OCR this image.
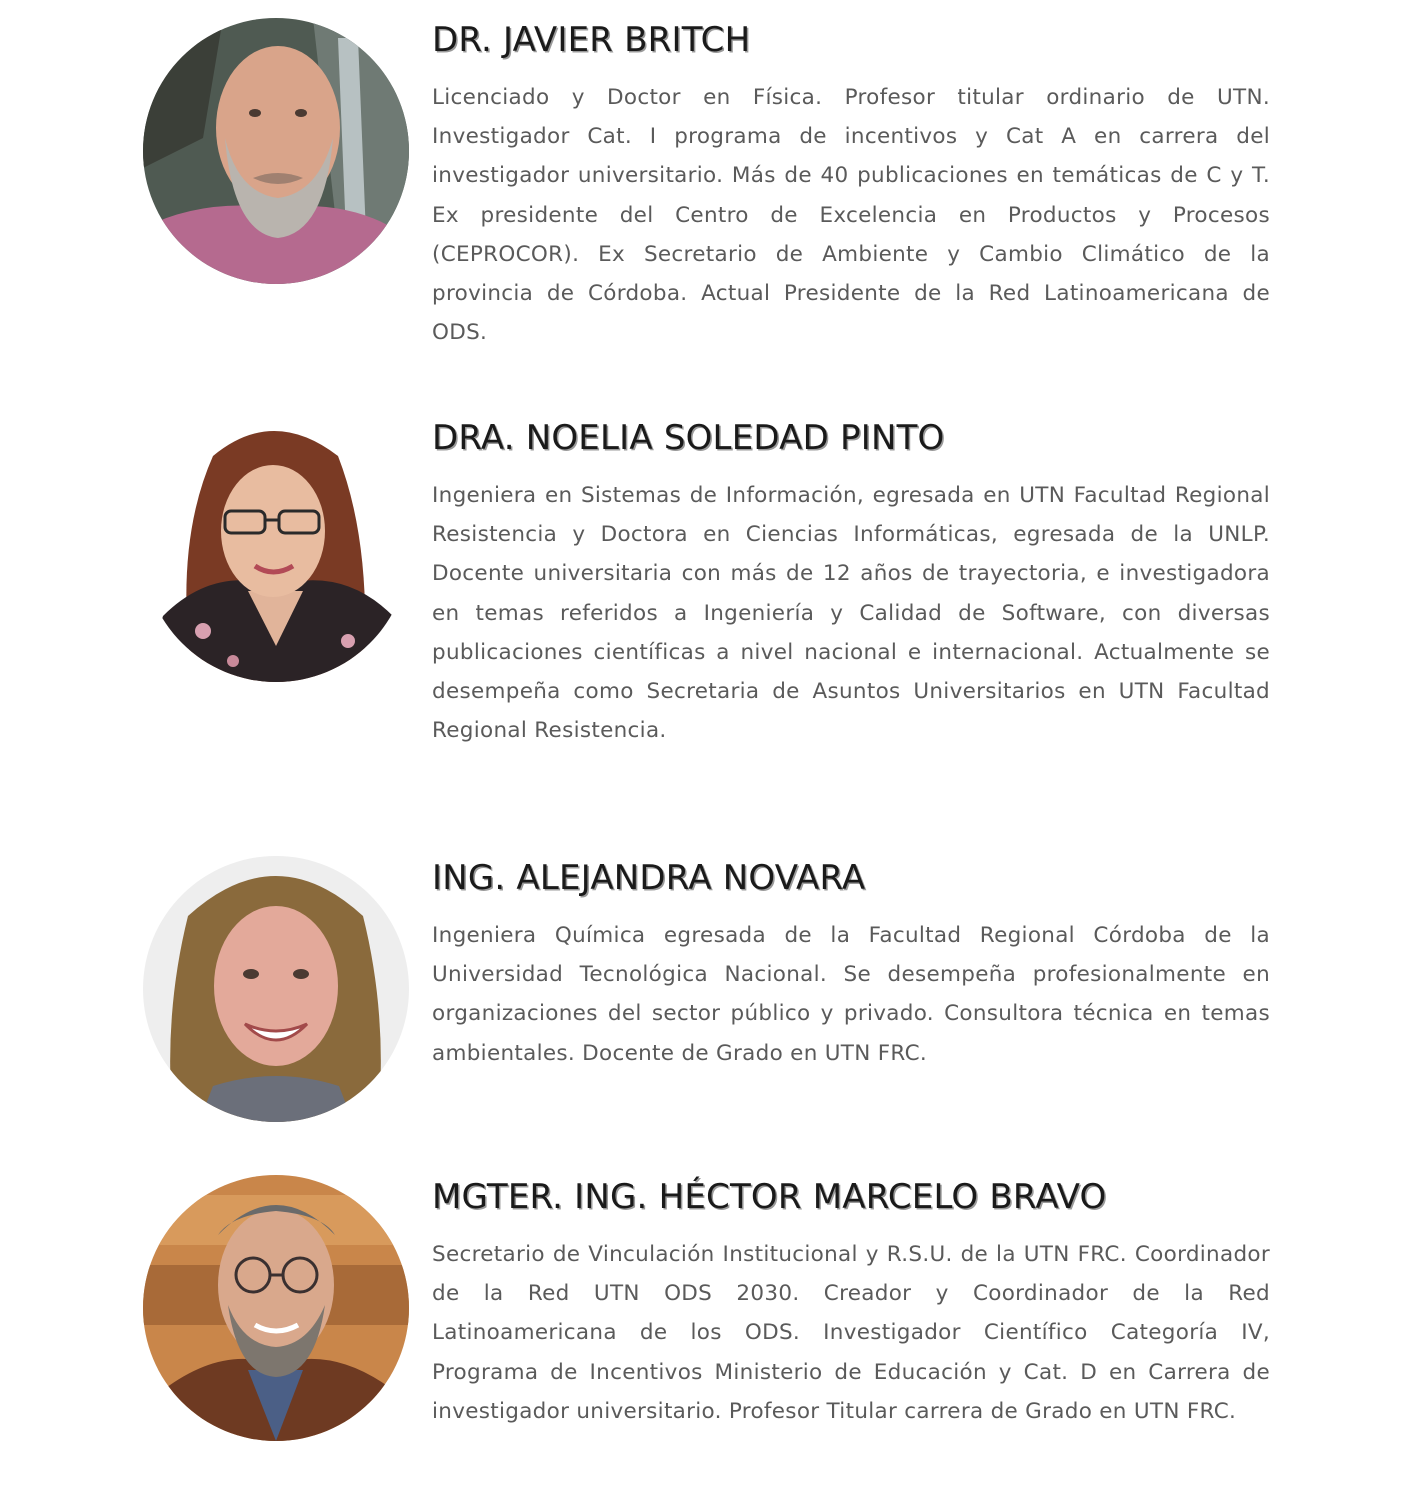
DR. JAVIER BRITCH

Licenciado y Doctor en Física. Profesor titular ordinario de UTN. Investigador Cat. I programa de incentivos y Cat A en carrera del investigador universitario. Más de 40 publicaciones en temáticas de C y T. Ex presidente del Centro de Excelencia en Productos y Procesos (CEPROCOR). Ex Secretario de Ambiente y Cambio Climático de la provincia de Córdoba. Actual Presidente de la Red Latinoamericana de ODS.

DRA. NOELIA SOLEDAD PINTO

Ingeniera en Sistemas de Información, egresada en UTN Facultad Regional Resistencia y Doctora en Ciencias Informáticas, egresada de la UNLP. Docente universitaria con más de 12 años de trayectoria, e investigadora en temas referidos a Ingeniería y Calidad de Software, con diversas publicaciones científicas a nivel nacional e internacional. Actualmente se desempeña como Secretaria de Asuntos Universitarios en UTN Facultad Regional Resistencia.

ING. ALEJANDRA NOVARA

Ingeniera Química egresada de la Facultad Regional Córdoba de la Universidad Tecnológica Nacional. Se desempeña profesionalmente en organizaciones del sector público y privado. Consultora técnica en temas ambientales. Docente de Grado en UTN FRC.

MGTER. ING. HÉCTOR MARCELO BRAVO

Secretario de Vinculación Institucional y R.S.U. de la UTN FRC. Coordinador de la Red UTN ODS 2030. Creador y Coordinador de la Red Latinoamericana de los ODS. Investigador Científico Categoría IV, Programa de Incentivos Ministerio de Educación y Cat. D en Carrera de investigador universitario. Profesor Titular carrera de Grado en UTN FRC.
